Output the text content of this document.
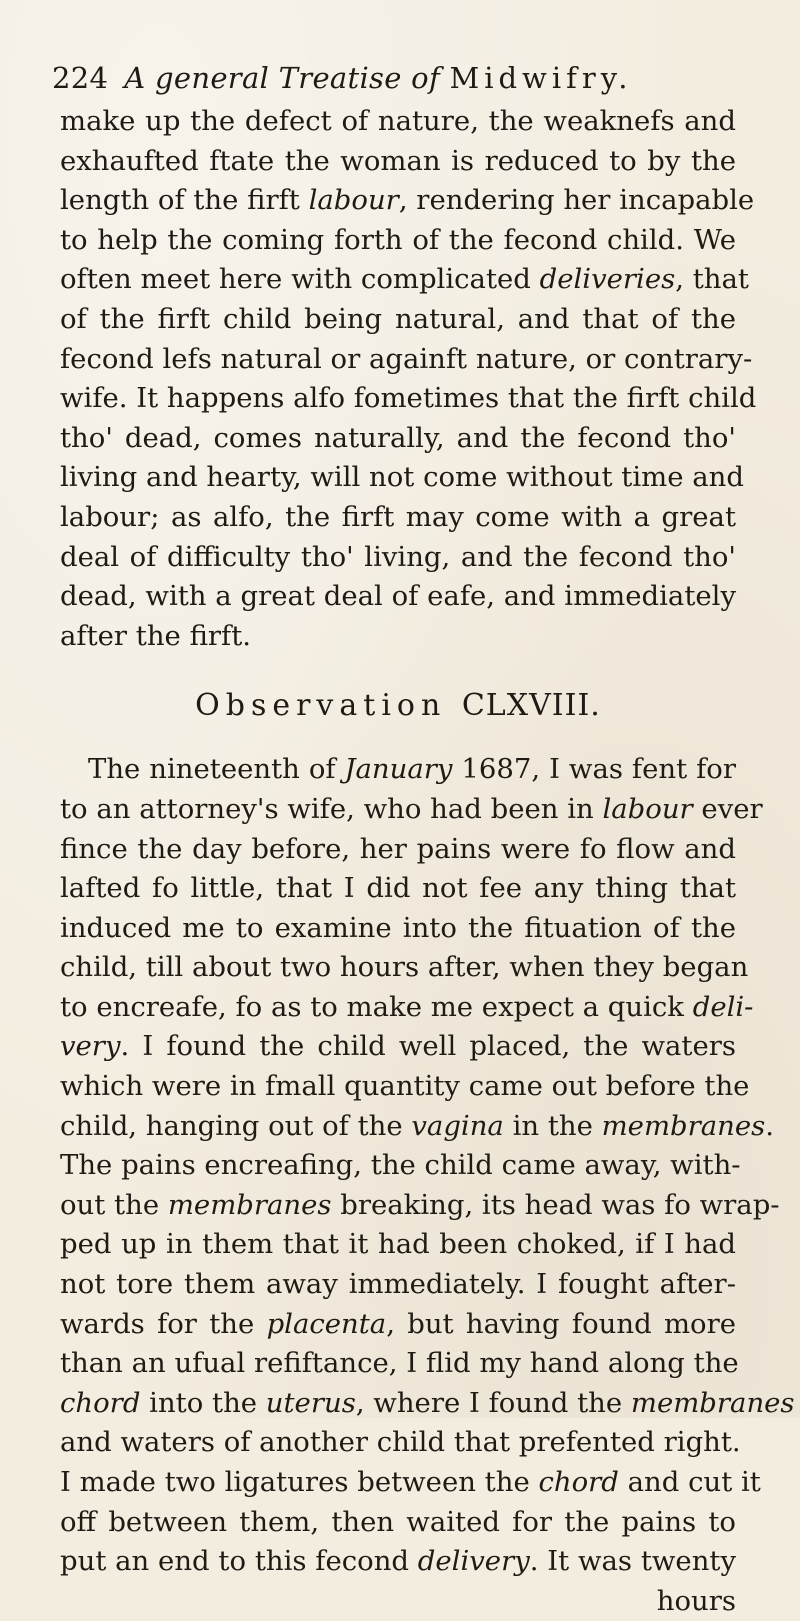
224 A general Treatise of Midwifry.
make up the defect of nature, the weaknefs and
exhaufted ftate the woman is reduced to by the
length of the firft labour, rendering her incapable
to help the coming forth of the fecond child. We
often meet here with complicated deliveries, that
of the firft child being natural, and that of the
fecond lefs natural or againft nature, or contrary-
wife. It happens alfo fometimes that the firft child
tho' dead, comes naturally, and the fecond tho'
living and hearty, will not come without time and
labour; as alfo, the firft may come with a great
deal of difficulty tho' living, and the fecond tho'
dead, with a great deal of eafe, and immediately
after the firft.
Observation CLXVIII.
The nineteenth of January 1687, I was fent for
to an attorney's wife, who had been in labour ever
fince the day before, her pains were fo flow and
lafted fo little, that I did not fee any thing that
induced me to examine into the fituation of the
child, till about two hours after, when they began
to encreafe, fo as to make me expect a quick deli-
very. I found the child well placed, the waters
which were in fmall quantity came out before the
child, hanging out of the vagina in the membranes.
The pains encreafing, the child came away, with-
out the membranes breaking, its head was fo wrap-
ped up in them that it had been choked, if I had
not tore them away immediately. I fought after-
wards for the placenta, but having found more
than an ufual refiftance, I flid my hand along the
chord into the uterus, where I found the membranes
and waters of another child that prefented right.
I made two ligatures between the chord and cut it
off between them, then waited for the pains to
put an end to this fecond delivery. It was twenty
hours
